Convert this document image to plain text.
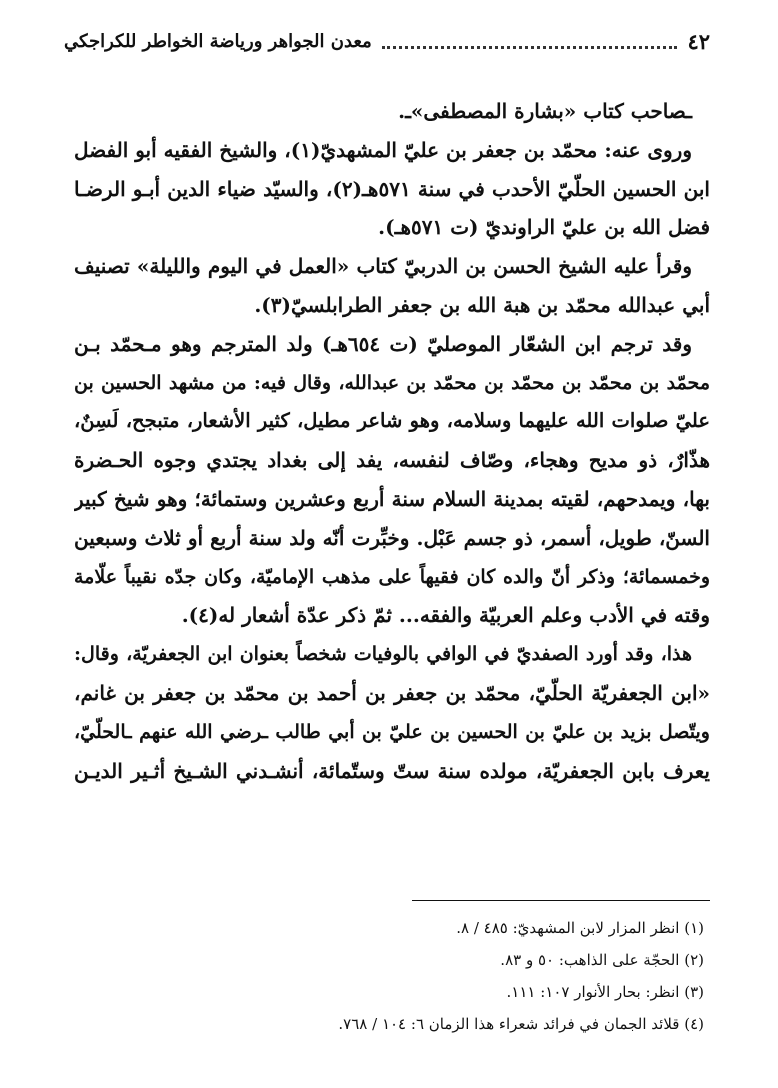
٤٢
معدن الجواهر ورياضة الخواطر للكراجكي
ـصاحب كتاب «بشارة المصطفى»ـ.
وروى عنه: محمّد بن جعفر بن عليّ المشهديّ(١)، والشيخ الفقيه أبو الفضل
ابن الحسين الحلّيّ الأحدب في سنة ٥٧١هـ(٢)، والسيّد ضياء الدين أبـو الرضـا
فضل الله بن عليّ الراونديّ (ت ٥٧١هـ).
وقرأ عليه الشيخ الحسن بن الدربيّ كتاب «العمل في اليوم والليلة» تصنيف
أبي عبدالله محمّد بن هبة الله بن جعفر الطرابلسيّ(٣).
وقد ترجم ابن الشعّار الموصليّ (ت ٦٥٤هـ) ولد المترجم وهو مـحمّد بـن
محمّد بن محمّد بن محمّد بن محمّد بن عبدالله، وقال فيه: من مشهد الحسين بن
عليّ صلوات الله عليهما وسلامه، وهو شاعر مطيل، كثير الأشعار، متبجح، لَسِنٌ،
هذّارٌ، ذو مديح وهجاء، وصّاف لنفسه، يفد إلى بغداد يجتدي وجوه الحـضرة
بها، ويمدحهم، لقيته بمدينة السلام سنة أربع وعشرين وستمائة؛ وهو شيخ كبير
السنّ، طويل، أسمر، ذو جسم عَبْل. وخبِّرت أنّه ولد سنة أربع أو ثلاث وسبعين
وخمسمائة؛ وذكر أنّ والده كان فقيهاً على مذهب الإماميّة، وكان جدّه نقيباً علّامة
وقته في الأدب وعلم العربيّة والفقه... ثمّ ذكر عدّة أشعار له(٤).
هذا، وقد أورد الصفديّ في الوافي بالوفيات شخصاً بعنوان ابن الجعفريّة، وقال:
«ابن الجعفريّة الحلّيّ، محمّد بن جعفر بن أحمد بن محمّد بن جعفر بن غانم،
ويتّصل بزيد بن عليّ بن الحسين بن عليّ بن أبي طالب ـرضي الله عنهم ـالحلّيّ،
يعرف بابن الجعفريّة، مولده سنة ستّ وستّمائة، أنشـدني الشـيخ أثـير الديـن
(١) انظر المزار لابن المشهديّ: ٤٨٥ / ٨.
(٢) الحجّة على الذاهب: ٥٠ و ٨٣.
(٣) انظر: بحار الأنوار ١٠٧: ١١١.
(٤) قلائد الجمان في فرائد شعراء هذا الزمان ٦: ١٠٤ / ٧٦٨.
